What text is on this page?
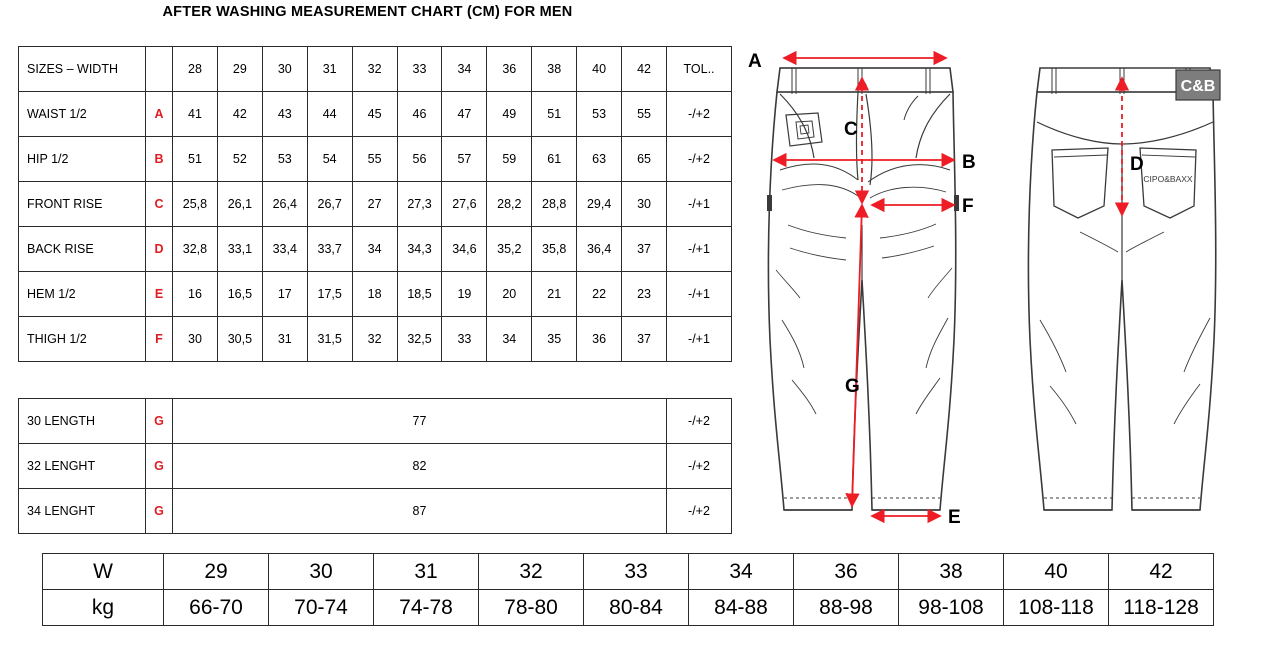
AFTER WASHING MEASUREMENT CHART (CM) FOR MEN
SIZES – WIDTH		28	29	30	31	32	33	34	36	38	40	42	TOL..
WAIST 1/2	A	41	42	43	44	45	46	47	49	51	53	55	-/+2
HIP 1/2	B	51	52	53	54	55	56	57	59	61	63	65	-/+2
FRONT RISE	C	25,8	26,1	26,4	26,7	27	27,3	27,6	28,2	28,8	29,4	30	-/+1
BACK RISE	D	32,8	33,1	33,4	33,7	34	34,3	34,6	35,2	35,8	36,4	37	-/+1
HEM 1/2	E	16	16,5	17	17,5	18	18,5	19	20	21	22	23	-/+1
THIGH 1/2	F	30	30,5	31	31,5	32	32,5	33	34	35	36	37	-/+1
30 LENGTH	G	77	-/+2
32 LENGHT	G	82	-/+2
34 LENGHT	G	87	-/+2
W	29	30	31	32	33	34	36	38	40	42
kg	66-70	70-74	74-78	78-80	80-84	84-88	88-98	98-108	108-118	118-128
A
B
C
F
G
E
C&B
CIPO&BAXX
D
